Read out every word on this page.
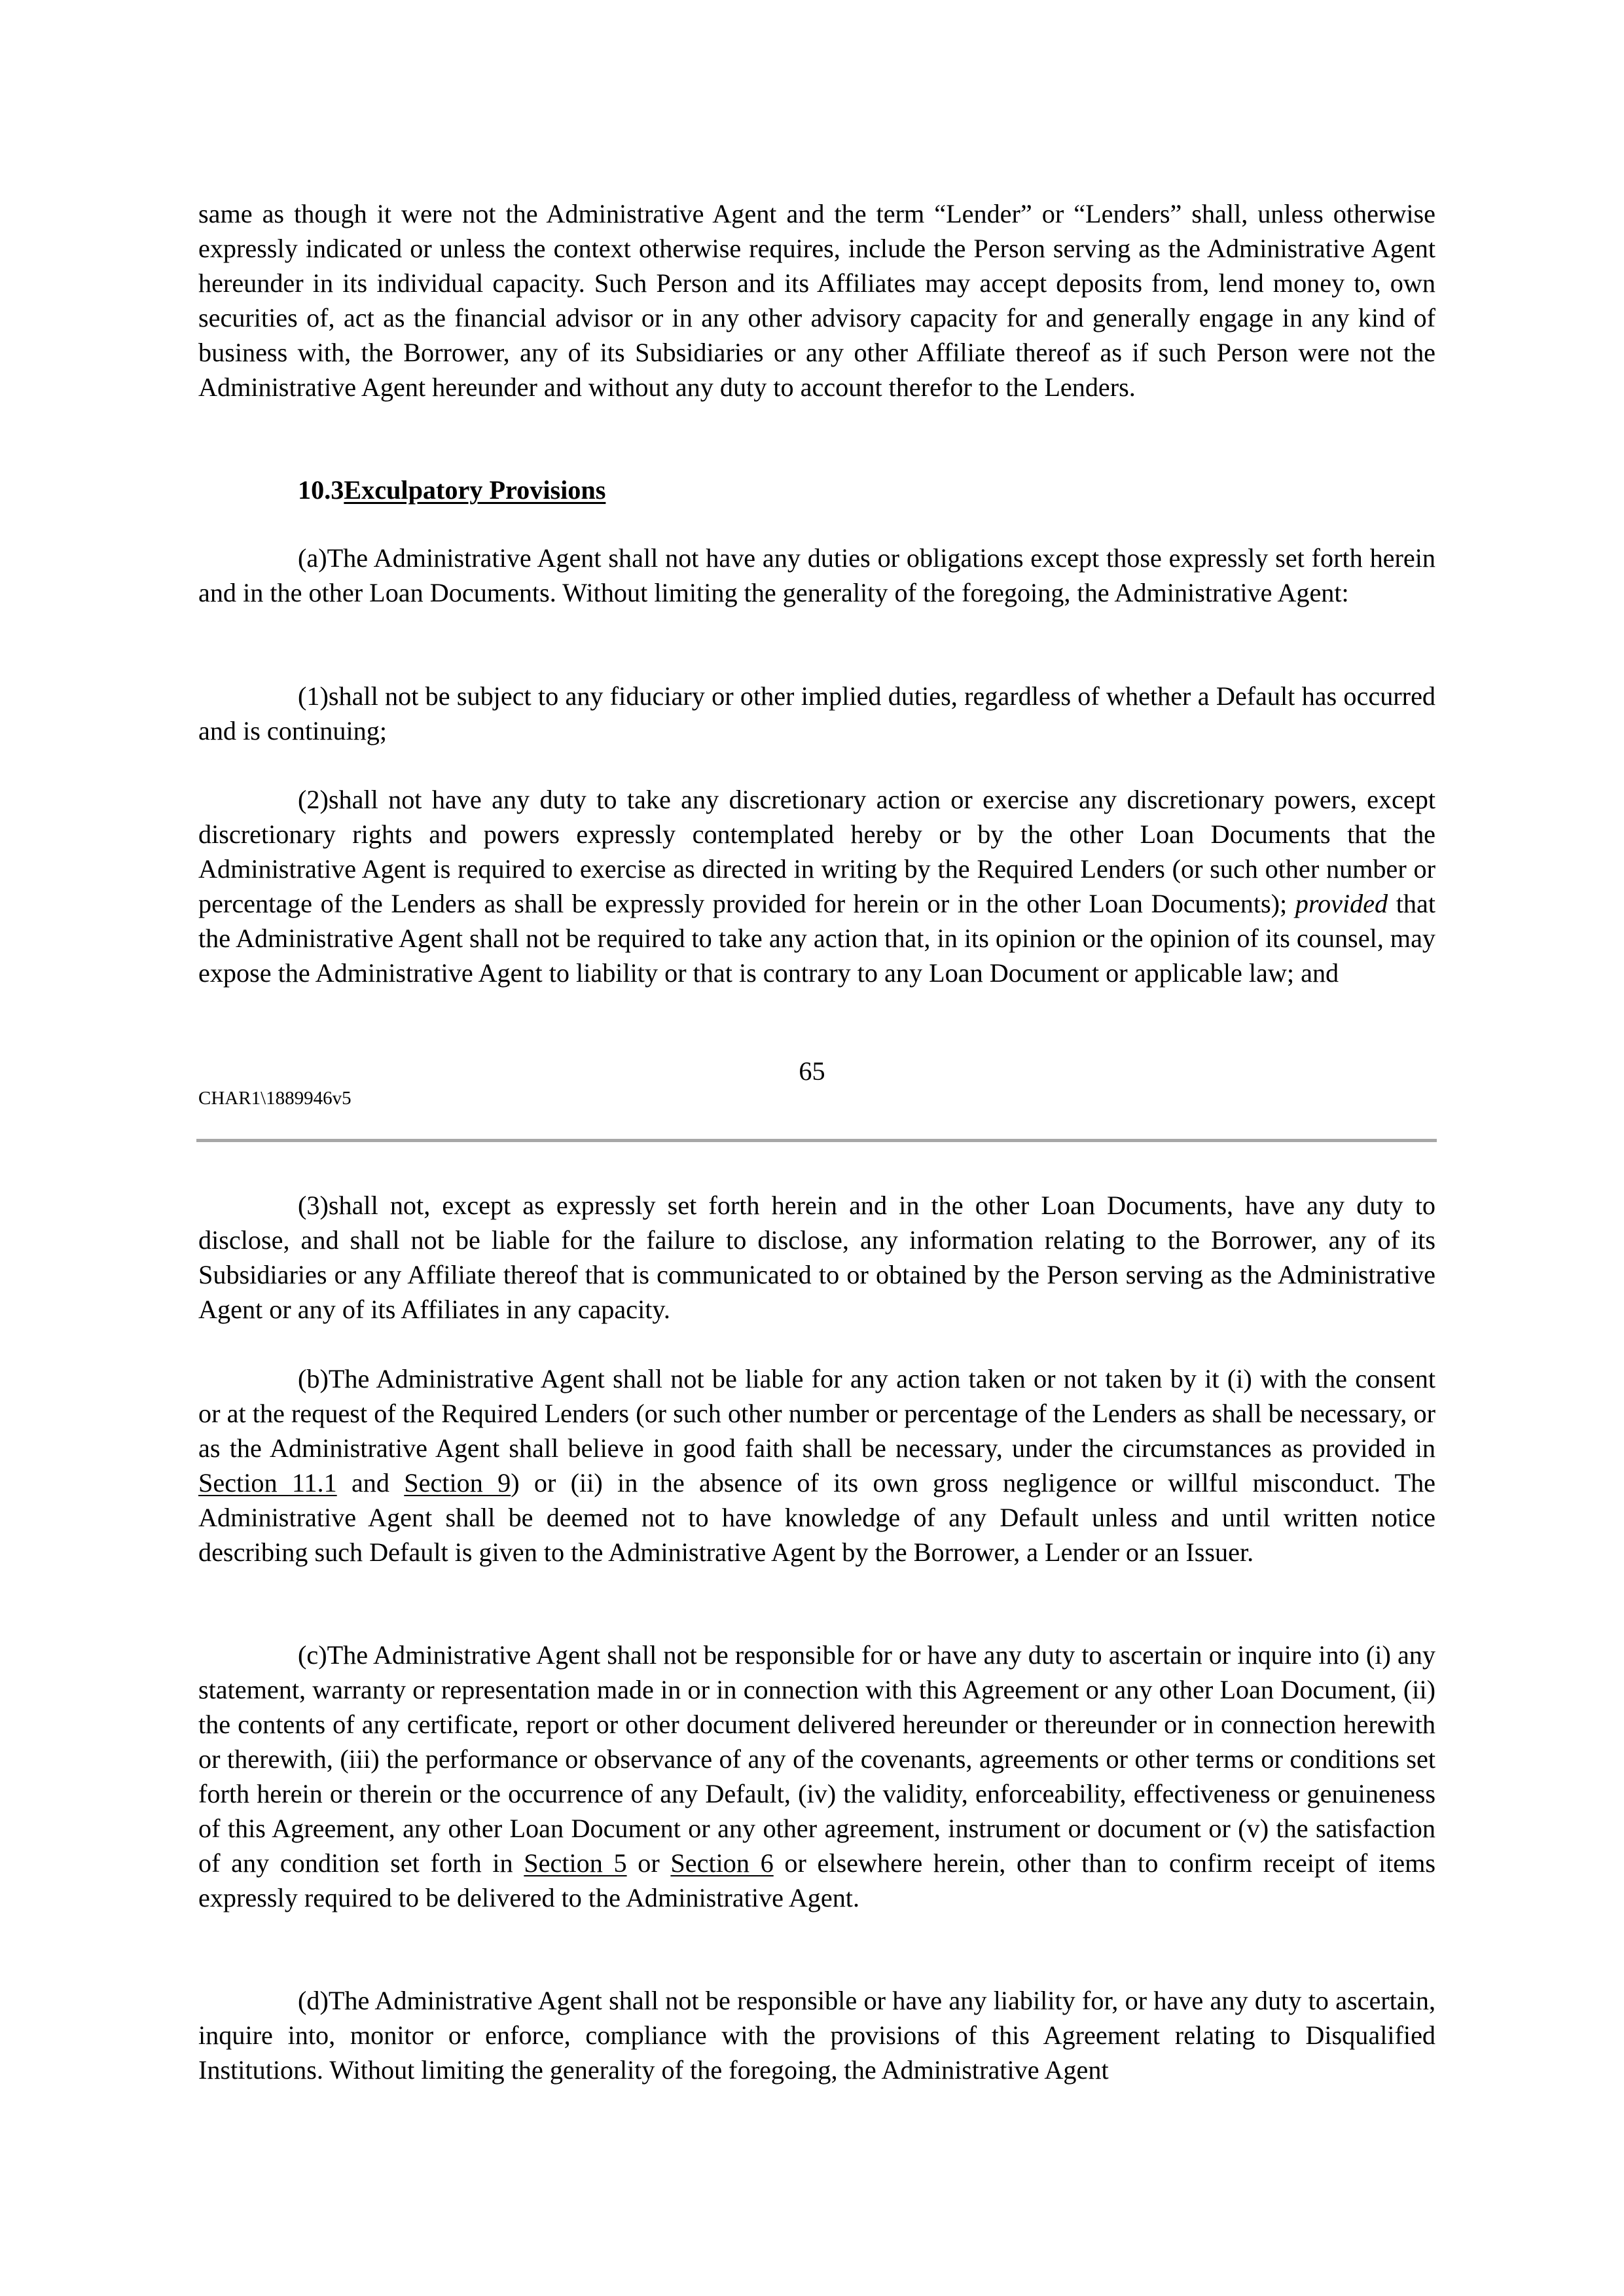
same as though it were not the Administrative Agent and the term “Lender” or “Lenders” shall, unless otherwise expressly indicated or unless the context otherwise requires, include the Person serving as the Administrative Agent hereunder in its individual capacity. Such Person and its Affiliates may accept deposits from, lend money to, own securities of, act as the financial advisor or in any other advisory capacity for and generally engage in any kind of business with, the Borrower, any of its Subsidiaries or any other Affiliate thereof as if such Person were not the Administrative Agent hereunder and without any duty to account therefor to the Lenders.

10.3Exculpatory Provisions

(a)The Administrative Agent shall not have any duties or obligations except those expressly set forth herein and in the other Loan Documents. Without limiting the generality of the foregoing, the Administrative Agent:

(1)shall not be subject to any fiduciary or other implied duties, regardless of whether a Default has occurred and is continuing;

(2)shall not have any duty to take any discretionary action or exercise any discretionary powers, except discretionary rights and powers expressly contemplated hereby or by the other Loan Documents that the Administrative Agent is required to exercise as directed in writing by the Required Lenders (or such other number or percentage of the Lenders as shall be expressly provided for herein or in the other Loan Documents); provided that the Administrative Agent shall not be required to take any action that, in its opinion or the opinion of its counsel, may expose the Administrative Agent to liability or that is contrary to any Loan Document or applicable law; and

65

CHAR1\1889946v5

(3)shall not, except as expressly set forth herein and in the other Loan Documents, have any duty to disclose, and shall not be liable for the failure to disclose, any information relating to the Borrower, any of its Subsidiaries or any Affiliate thereof that is communicated to or obtained by the Person serving as the Administrative Agent or any of its Affiliates in any capacity.

(b)The Administrative Agent shall not be liable for any action taken or not taken by it (i) with the consent or at the request of the Required Lenders (or such other number or percentage of the Lenders as shall be necessary, or as the Administrative Agent shall believe in good faith shall be necessary, under the circumstances as provided in Section 11.1 and Section 9) or (ii) in the absence of its own gross negligence or willful misconduct. The Administrative Agent shall be deemed not to have knowledge of any Default unless and until written notice describing such Default is given to the Administrative Agent by the Borrower, a Lender or an Issuer.

(c)The Administrative Agent shall not be responsible for or have any duty to ascertain or inquire into (i) any statement, warranty or representation made in or in connection with this Agreement or any other Loan Document, (ii) the contents of any certificate, report or other document delivered hereunder or thereunder or in connection herewith or therewith, (iii) the performance or observance of any of the covenants, agreements or other terms or conditions set forth herein or therein or the occurrence of any Default, (iv) the validity, enforceability, effectiveness or genuineness of this Agreement, any other Loan Document or any other agreement, instrument or document or (v) the satisfaction of any condition set forth in Section 5 or Section 6 or elsewhere herein, other than to confirm receipt of items expressly required to be delivered to the Administrative Agent.

(d)The Administrative Agent shall not be responsible or have any liability for, or have any duty to ascertain, inquire into, monitor or enforce, compliance with the provisions of this Agreement relating to Disqualified Institutions. Without limiting the generality of the foregoing, the Administrative Agent
